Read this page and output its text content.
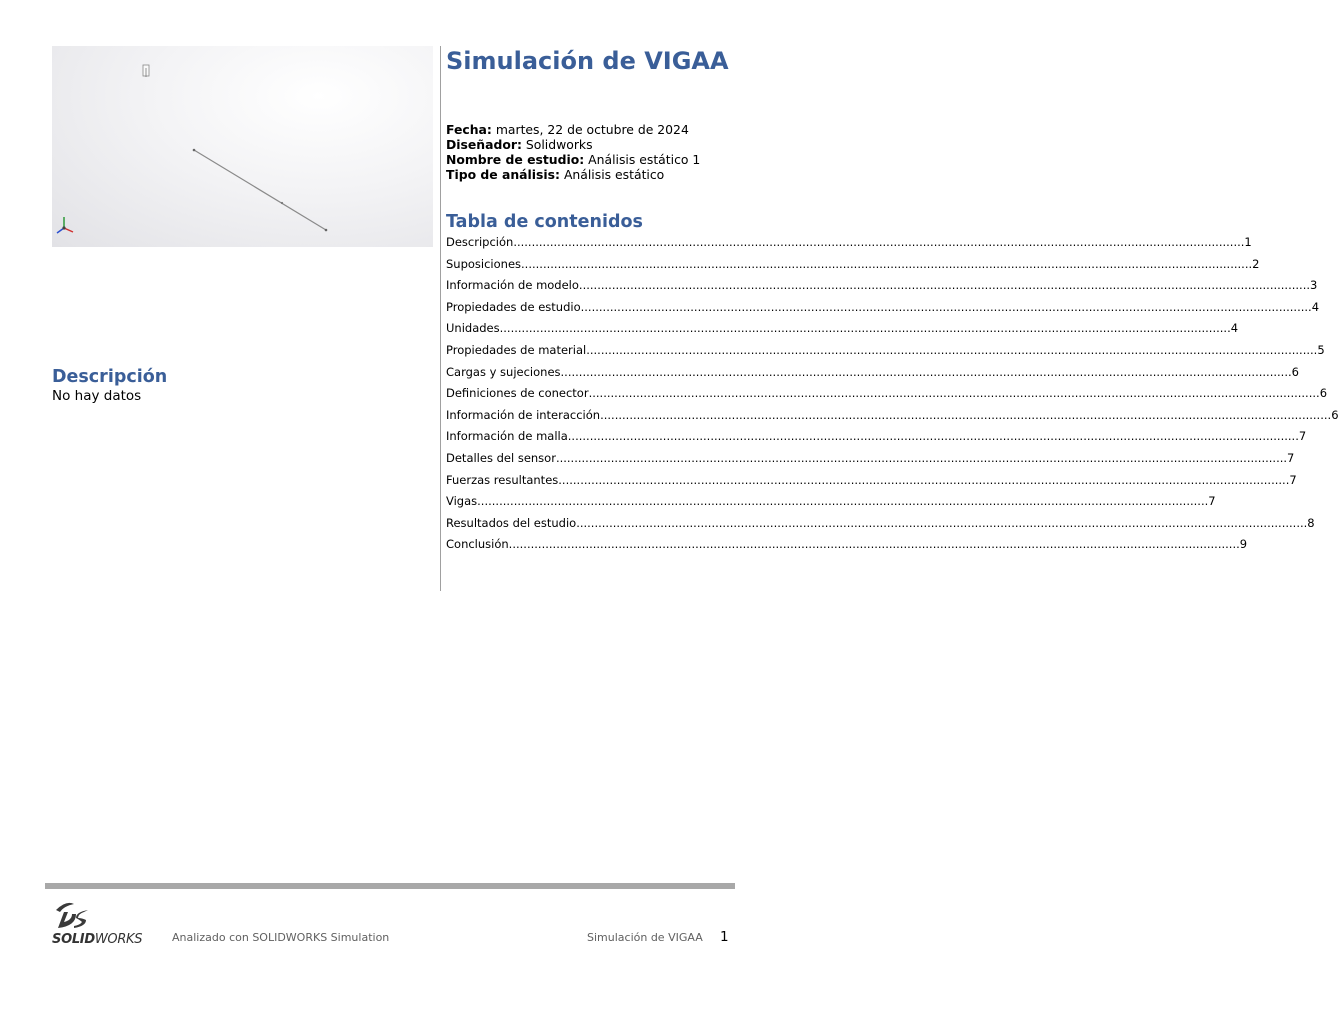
Simulación de VIGAA
Fecha: martes, 22 de octubre de 2024
Diseñador: Solidworks
Nombre de estudio: Análisis estático 1
Tipo de análisis: Análisis estático
Tabla de contenidos
Descripción ........................................................................................................................................................................................................ 1
Suposiciones ........................................................................................................................................................................................................ 2
Información de modelo ........................................................................................................................................................................................................ 3
Propiedades de estudio ........................................................................................................................................................................................................ 4
Unidades ........................................................................................................................................................................................................ 4
Propiedades de material ........................................................................................................................................................................................................ 5
Cargas y sujeciones ........................................................................................................................................................................................................ 6
Definiciones de conector ........................................................................................................................................................................................................ 6
Información de interacción ........................................................................................................................................................................................................ 6
Información de malla ........................................................................................................................................................................................................ 7
Detalles del sensor ........................................................................................................................................................................................................ 7
Fuerzas resultantes ........................................................................................................................................................................................................ 7
Vigas ........................................................................................................................................................................................................ 7
Resultados del estudio ........................................................................................................................................................................................................ 8
Conclusión ........................................................................................................................................................................................................ 9
Descripción
No hay datos
SOLIDWORKS	Analizado con SOLIDWORKS Simulation	Simulación de VIGAA 1
